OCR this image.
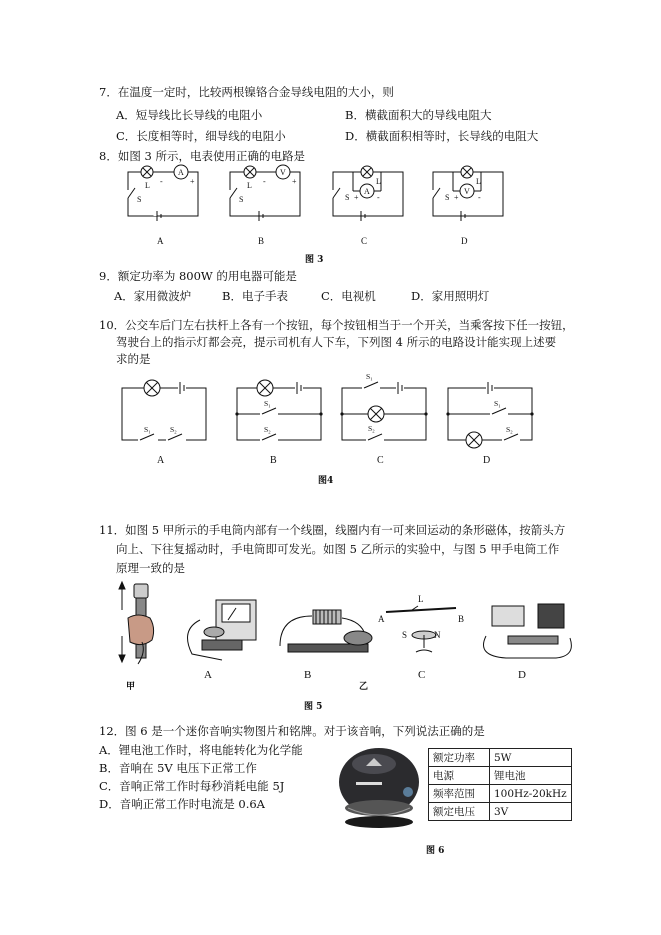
7．在温度一定时，比较两根镍铬合金导线电阻的大小，则
A．短导线比长导线的电阻小	B．横截面积大的导线电阻大
C．长度相等时，细导线的电阻小	D．横截面积相等时，长导线的电阻大
8．如图 3 所示，电表使用正确的电路是
A
-	+
L
S
V
-	+
L
S
A
S + -
L
V
S + -
L
A	B	C	D
图 3
9．额定功率为 800W 的用电器可能是
A．家用微波炉	B．电子手表	C．电视机	D．家用照明灯
10．公交车后门左右扶杆上各有一个按钮，每个按钮相当于一个开关，当乘客按下任一按钮，
驾驶台上的指示灯都会亮，提示司机有人下车，下列图 4 所示的电路设计能实现上述要
求的是
S₁	S₂
S₁
S₂
S₁
S₂
S₁
S₂
A	B	C	D
图4
11．如图 5 甲所示的手电筒内部有一个线圈，线圈内有一可来回运动的条形磁体，按箭头方
向上、下往复摇动时，手电筒即可发光。如图 5 乙所示的实验中，与图 5 甲手电筒工作
原理一致的是
A	B
L
S	N
A	B	C	D
甲	乙
图 5
12．图 6 是一个迷你音响实物图片和铭牌。对于该音响，下列说法正确的是
A．锂电池工作时，将电能转化为化学能
B．音响在 5V 电压下正常工作
C．音响正常工作时每秒消耗电能 5J
D．音响正常工作时电流是 0.6A
额定功率	5W
电源	锂电池
频率范围	100Hz-20kHz
额定电压	3V
图 6
